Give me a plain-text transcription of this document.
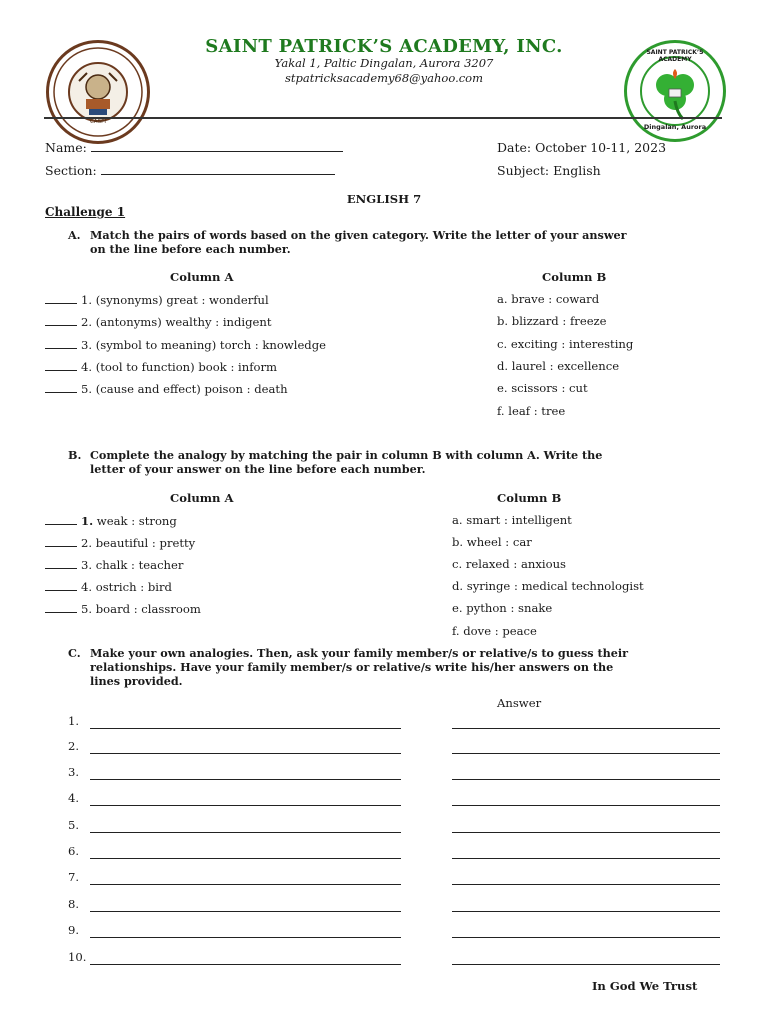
CASPI
SAINT PATRICK’S ACADEMY
Dingalan, Aurora
SAINT PATRICK’S ACADEMY, INC.
Yakal 1, Paltic Dingalan, Aurora 3207
stpatricksacademy68@yahoo.com
Name:
Section:
Date: October 10-11, 2023
Subject: English
ENGLISH 7
Challenge 1
A. Match the pairs of words based on the given category. Write the letter of your answer
on the line before each number.
Column A	Column B
1. (synonyms) great : wonderful
2. (antonyms) wealthy : indigent
3. (symbol to meaning) torch : knowledge
4. (tool to function) book : inform
5. (cause and effect) poison : death
a. brave : coward
b. blizzard : freeze
c. exciting : interesting
d. laurel : excellence
e. scissors : cut
f. leaf : tree
B. Complete the analogy by matching the pair in column B with column A. Write the
letter of your answer on the line before each number.
Column A	Column B
1. weak : strong
2. beautiful : pretty
3. chalk : teacher
4. ostrich : bird
5. board : classroom
a. smart : intelligent
b. wheel : car
c. relaxed : anxious
d. syringe : medical technologist
e. python : snake
f. dove : peace
C. Make your own analogies. Then, ask your family member/s or relative/s to guess their
relationships. Have your family member/s or relative/s write his/her answers on the
lines provided.
Answer
1.
2.
3.
4.
5.
6.
7.
8.
9.
10.
In God We Trust
